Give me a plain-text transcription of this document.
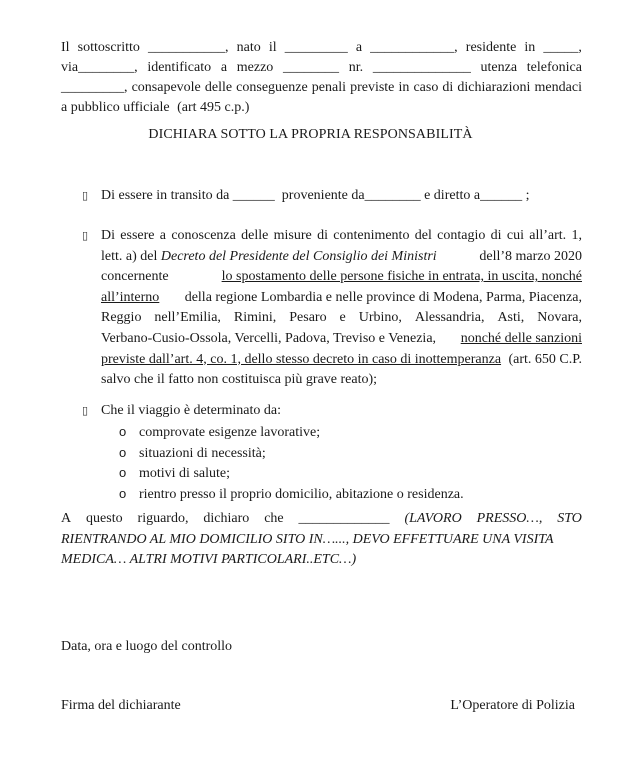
Il sottoscritto ___________, nato il _________ a ____________, residente in _____,
via________, identificato a mezzo ________ nr. ______________ utenza telefonica
_________, consapevole delle conseguenze penali previste in caso di dichiarazioni mendaci
a pubblico ufficiale (art 495 c.p.)
DICHIARA SOTTO LA PROPRIA RESPONSABILITÀ
▯ Di essere in transito da ______  proveniente da________ e diretto a______ ;
▯ Di essere a conoscenza delle misure di contenimento del contagio di cui all’art. 1,
lett. a) del Decreto del Presidente del Consiglio dei Ministri	dell’8 marzo 2020
concernente	lo spostamento delle persone fisiche in entrata, in uscita, nonché
all’interno della regione Lombardia e nelle province di Modena, Parma, Piacenza,
Reggio nell’Emilia, Rimini, Pesaro e Urbino, Alessandria, Asti, Novara,
Verbano-Cusio-Ossola, Vercelli, Padova, Treviso e Venezia, nonché delle sanzioni
previste dall’art. 4, co. 1, dello stesso decreto in caso di inottemperanza (art. 650 C.P.
salvo che il fatto non costituisca più grave reato);
▯ Che il viaggio è determinato da:
o comprovate esigenze lavorative;
o situazioni di necessità;
o motivi di salute;
o rientro presso il proprio domicilio, abitazione o residenza.
A questo riguardo, dichiaro che _____________ (LAVORO PRESSO…, STO
RIENTRANDO AL MIO DOMICILIO SITO IN…..., DEVO EFFETTUARE UNA VISITA
MEDICA… ALTRI MOTIVI PARTICOLARI..ETC…)
Data, ora e luogo del controllo
Firma del dichiarante	L’Operatore di Polizia
